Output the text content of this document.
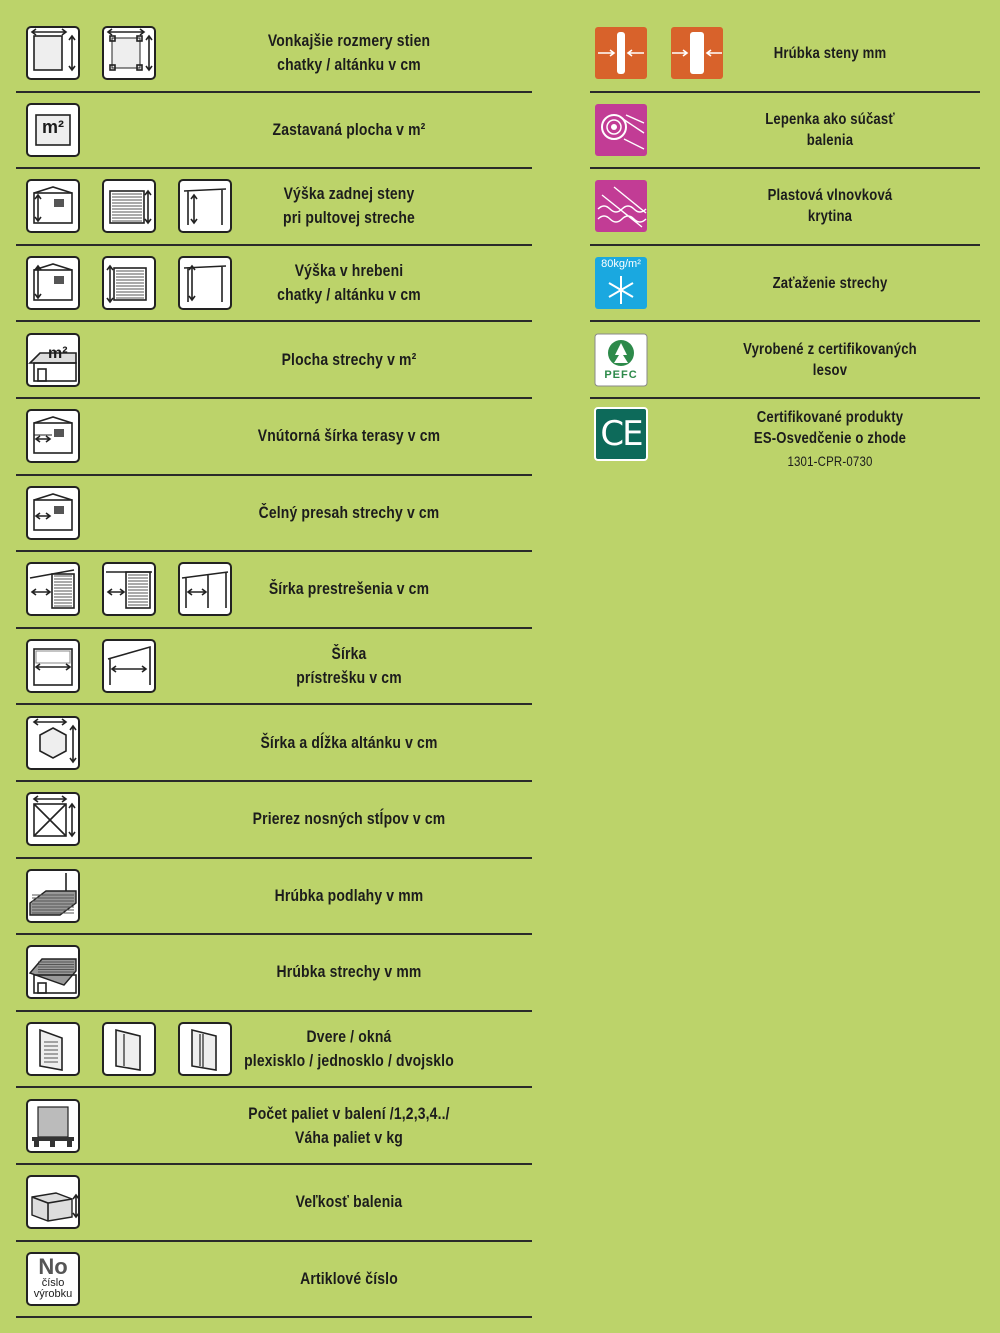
Vonkajšie rozmery stien
chatky / altánku v cm
m²	Zastavaná plocha v m²
Výška zadnej steny
pri pultovej streche
Výška v hrebeni
chatky / altánku v cm
m²	Plocha strechy v m²
Vnútorná šírka terasy v cm
Čelný presah strechy v cm
Šírka prestrešenia v cm
Šírka
prístrešku v cm
Šírka a dĺžka altánku v cm
Prierez nosných stĺpov v cm
Hrúbka podlahy v mm
Hrúbka strechy v mm
Dvere / okná
plexisklo / jednosklo / dvojsklo
Počet paliet v balení /1,2,3,4../
Váha paliet v kg
Veľkosť balenia
No
číslo
výrobku
Artiklové číslo
Hrúbka steny mm
Lepenka ako súčasť
balenia
Plastová vlnovková
krytina
80kg/m²
Zaťaženie strechy
PEFC
Vyrobené z certifikovaných
lesov
CE	Certifikované produkty
ES-Osvedčenie o zhode
1301-CPR-0730
